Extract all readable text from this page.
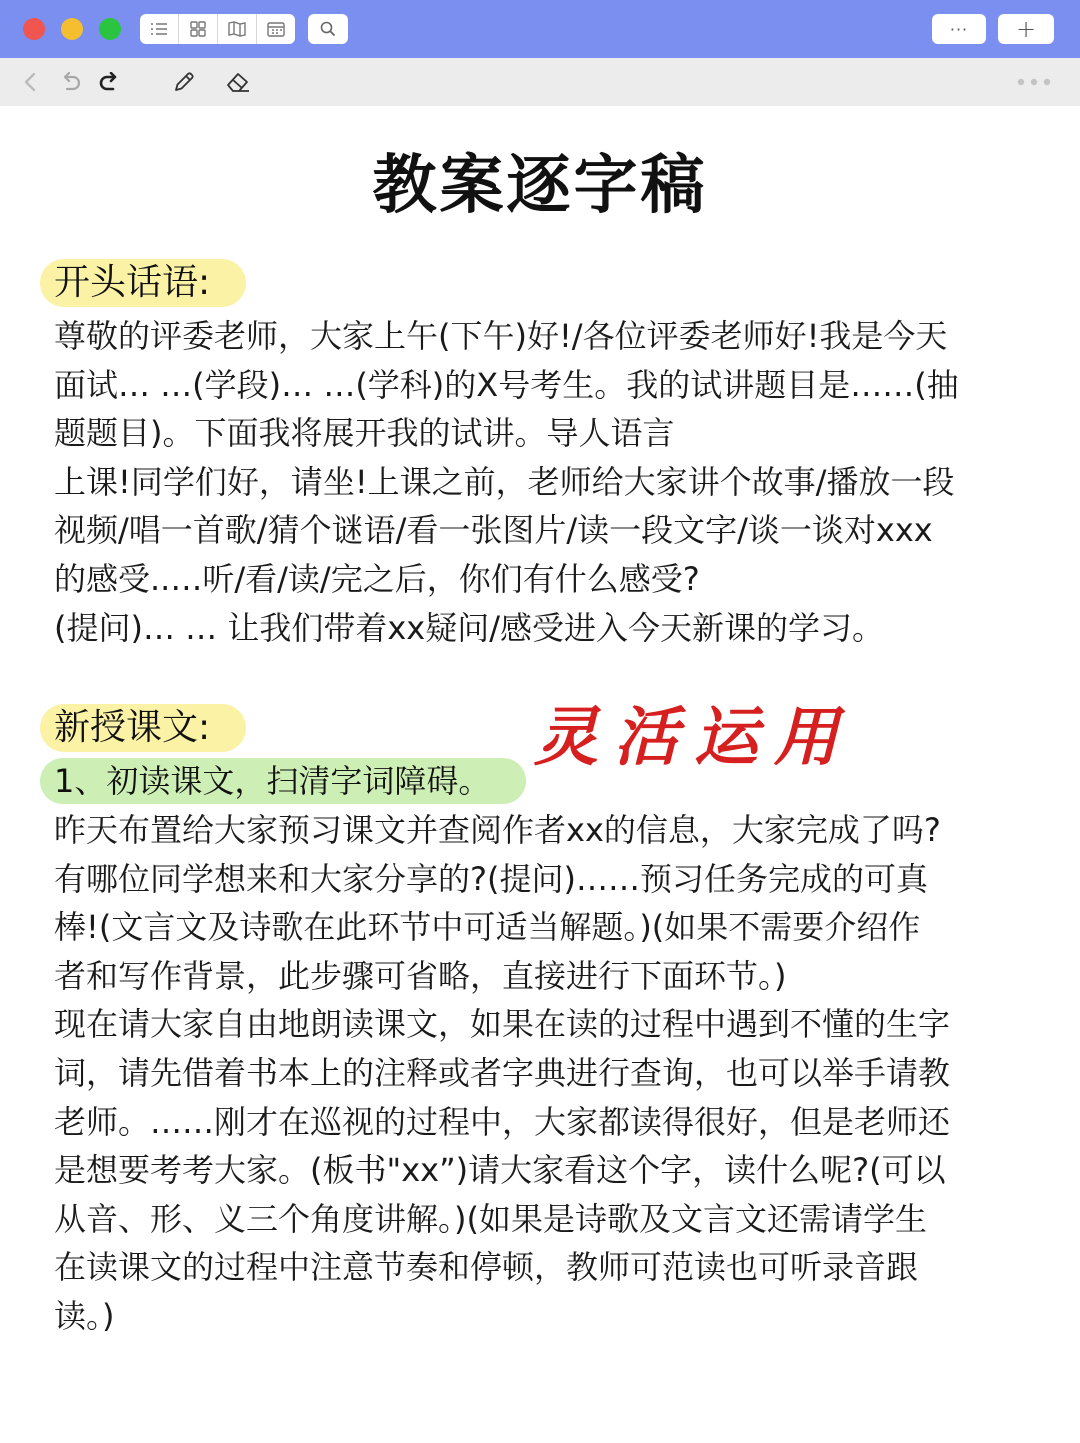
···	+
教案逐字稿
开头话语:
尊敬的评委老师，大家上午(下午)好!/各位评委老师好!我是今天
面试… …(学段)… …(学科)的X号考生。我的试讲题目是……(抽
题题目)。下面我将展开我的试讲。导人语言
上课!同学们好，请坐!上课之前，老师给大家讲个故事/播放一段
视频/唱一首歌/猜个谜语/看一张图片/读一段文字/谈一谈对xxx
的感受..…听/看/读/完之后，你们有什么感受?
(提问)… … 让我们带着xx疑问/感受进入今天新课的学习。
新授课文:	灵活运用
1、初读课文，扫清字词障碍。
昨天布置给大家预习课文并查阅作者xx的信息，大家完成了吗?
有哪位同学想来和大家分享的?(提问)……预习任务完成的可真
棒!(文言文及诗歌在此环节中可适当解题。)(如果不需要介绍作
者和写作背景，此步骤可省略，直接进行下面环节。)
现在请大家自由地朗读课文，如果在读的过程中遇到不懂的生字
词，请先借着书本上的注释或者字典进行查询，也可以举手请教
老师。……刚才在巡视的过程中，大家都读得很好，但是老师还
是想要考考大家。(板书"xx”)请大家看这个字，读什么呢?(可以
从音、形、义三个角度讲解。)(如果是诗歌及文言文还需请学生
在读课文的过程中注意节奏和停顿，教师可范读也可听录音跟
读。)
